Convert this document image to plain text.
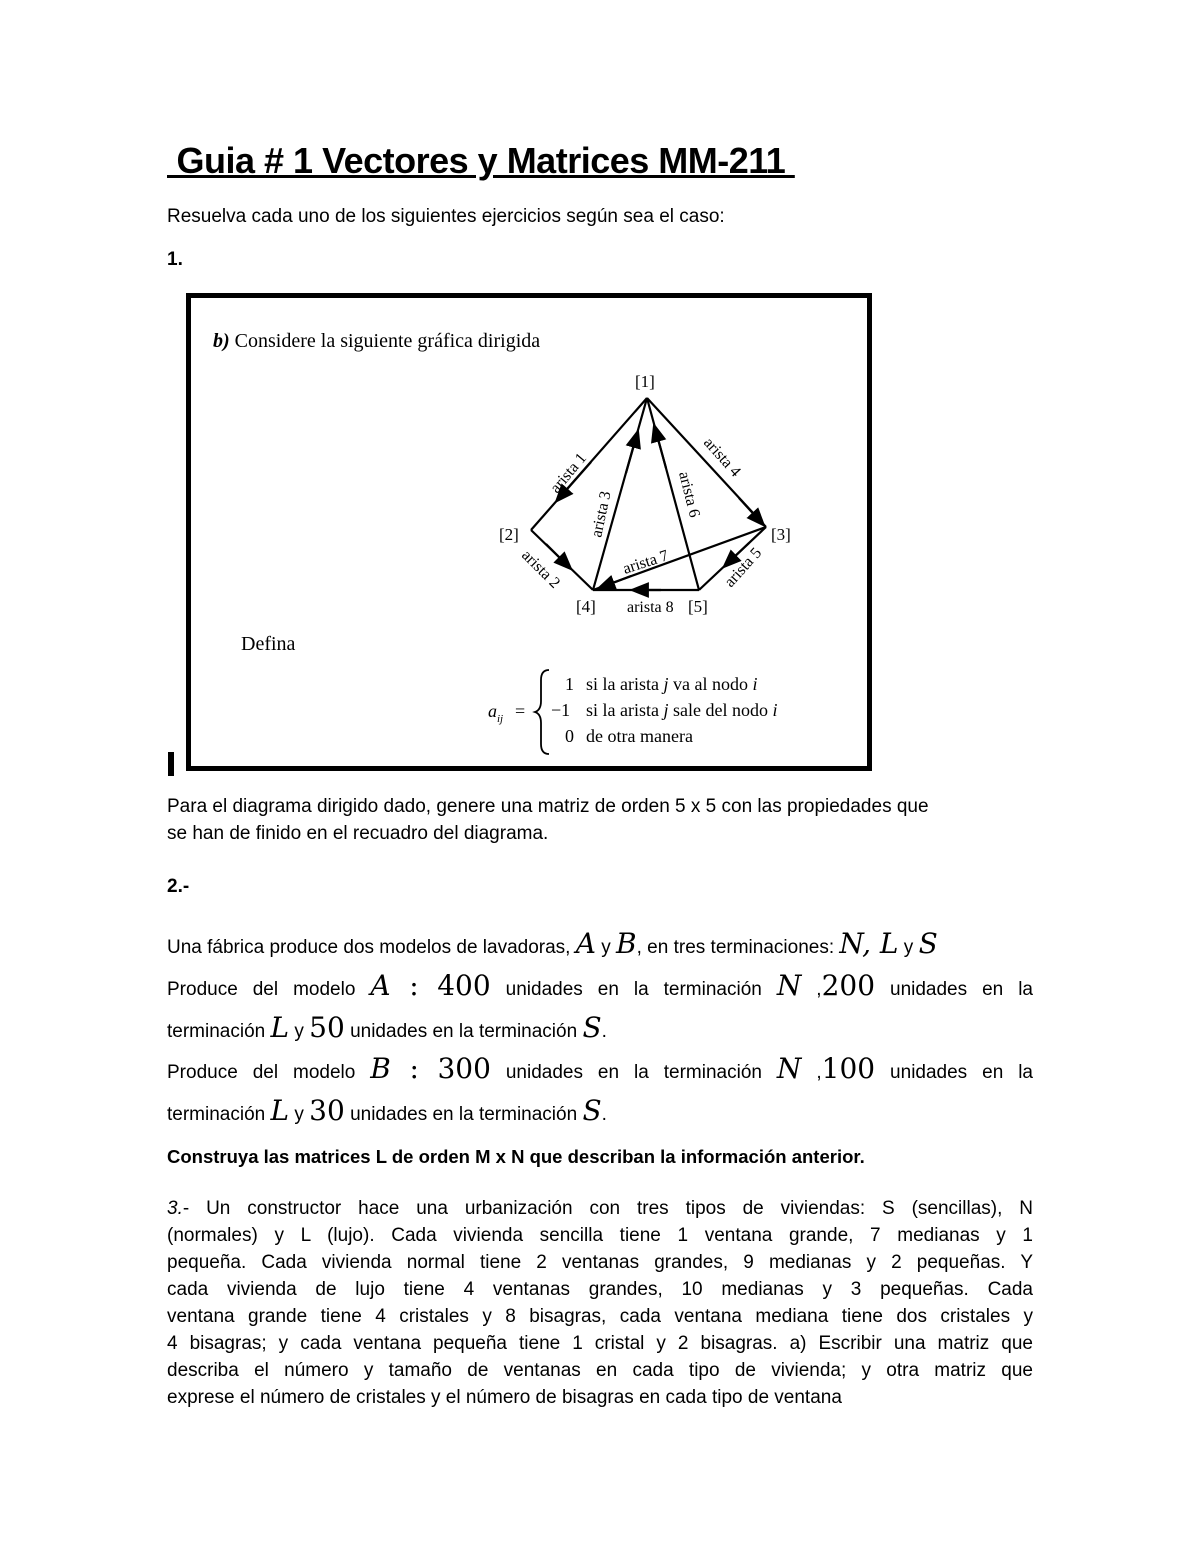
Guia # 1 Vectores y Matrices MM-211
Resuelva cada uno de los siguientes ejercicios según sea el caso:
1.
b) Considere la siguiente gráfica dirigida
[1]
[2]	[3]
[4]	[5]
arista 1
arista 2
arista 3
arista 4
arista 5
arista 6
arista 7
arista 8
$a_{ij}$ =
1 si la arista j va al nodo i
−1 si la arista j sale del nodo i
0 de otra manera
Defina
Para el diagrama dirigido dado, genere una matriz de orden 5 x 5 con las propiedades que
se han de finido en el recuadro del diagrama.
2.-
Una fábrica produce dos modelos de lavadoras, A y B, en tres terminaciones: N, L y S
Produce del modelo A : 400 unidades en la terminación N ,200 unidades en la
terminación L y 50 unidades en la terminación S.
Produce del modelo B : 300 unidades en la terminación N ,100 unidades en la
terminación L y 30 unidades en la terminación S.
Construya las matrices L de orden M x N que describan la información anterior.
3.- Un constructor hace una urbanización con tres tipos de viviendas: S (sencillas), N
(normales) y L (lujo). Cada vivienda sencilla tiene 1 ventana grande, 7 medianas y 1
pequeña. Cada vivienda normal tiene 2 ventanas grandes, 9 medianas y 2 pequeñas. Y
cada vivienda de lujo tiene 4 ventanas grandes, 10 medianas y 3 pequeñas. Cada
ventana grande tiene 4 cristales y 8 bisagras, cada ventana mediana tiene dos cristales y
4 bisagras; y cada ventana pequeña tiene 1 cristal y 2 bisagras. a) Escribir una matriz que
describa el número y tamaño de ventanas en cada tipo de vivienda; y otra matriz que
exprese el número de cristales y el número de bisagras en cada tipo de ventana
